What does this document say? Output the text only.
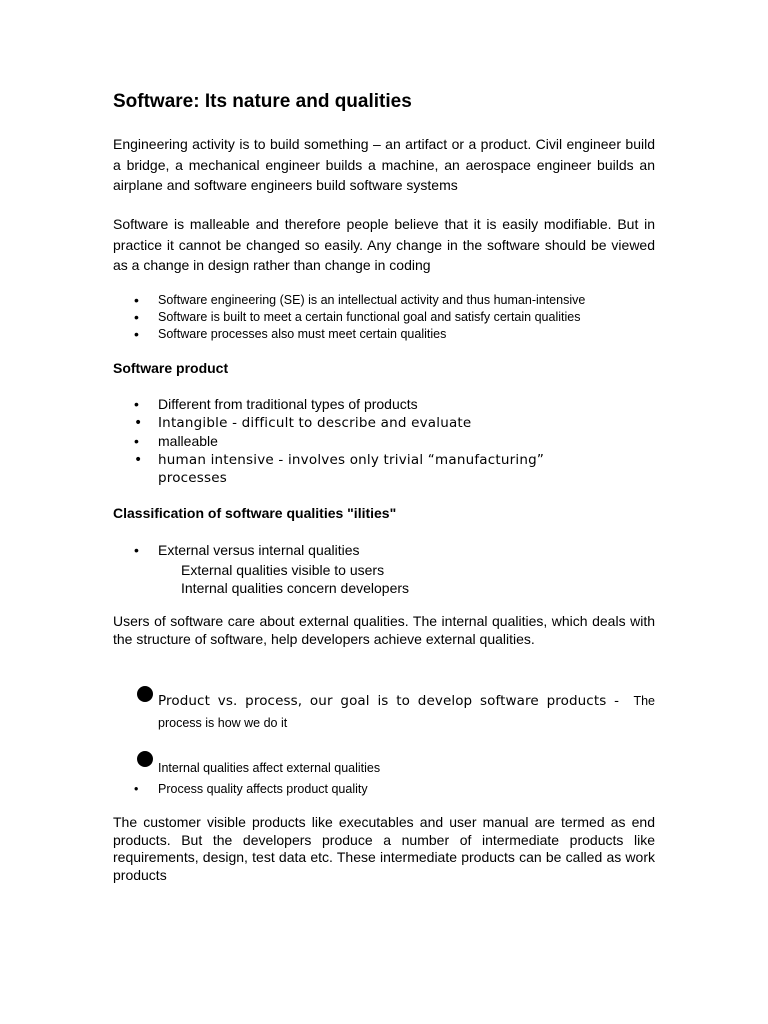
Software: Its nature and qualities

Engineering activity is to build something – an artifact or a product. Civil engineer build a bridge, a mechanical engineer builds a machine, an aerospace engineer builds an airplane and software engineers build software systems

Software is malleable and therefore people believe that it is easily modifiable. But in practice it cannot be changed so easily. Any change in the software should be viewed as a change in design rather than change in coding

• Software engineering (SE) is an intellectual activity and thus human-intensive
• Software is built to meet a certain functional goal and satisfy certain qualities
• Software processes also must meet certain qualities
Software product
• Different from traditional types of products
• Intangible - difficult to describe and evaluate
• malleable
• human intensive - involves only trivial “manufacturing” processes
Classification of software qualities "ilities"
• External versus internal qualities
External qualities visible to users
Internal qualities concern developers

Users of software care about external qualities. The internal qualities, which deals with the structure of software, help developers achieve external qualities.

Product vs. process, our goal is to develop software products - The process is how we do it

Internal qualities affect external qualities
• Process quality affects product quality

The customer visible products like executables and user manual are termed as end products. But the developers produce a number of intermediate products like requirements, design, test data etc. These intermediate products can be called as work products
